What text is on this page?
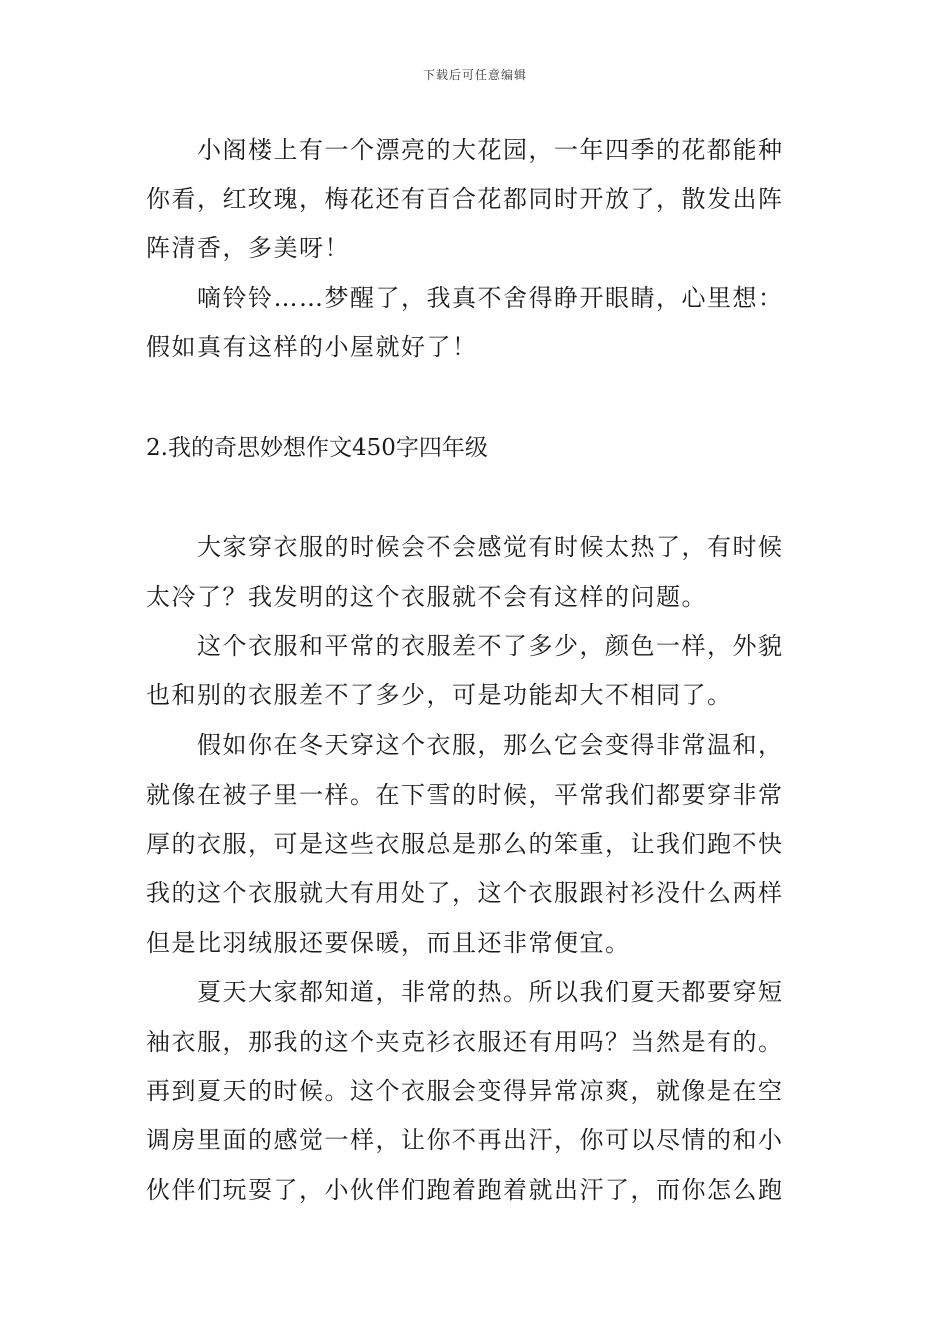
下载后可任意编辑
小阁楼上有一个漂亮的大花园，一年四季的花都能种
你看，红玫瑰，梅花还有百合花都同时开放了，散发出阵
阵清香，多美呀！
嘀铃铃……梦醒了，我真不舍得睁开眼睛，心里想：
假如真有这样的小屋就好了！
2.我的奇思妙想作文450字四年级
大家穿衣服的时候会不会感觉有时候太热了，有时候
太冷了？我发明的这个衣服就不会有这样的问题。
这个衣服和平常的衣服差不了多少，颜色一样，外貌
也和别的衣服差不了多少，可是功能却大不相同了。
假如你在冬天穿这个衣服，那么它会变得非常温和，
就像在被子里一样。在下雪的时候，平常我们都要穿非常
厚的衣服，可是这些衣服总是那么的笨重，让我们跑不快
我的这个衣服就大有用处了，这个衣服跟衬衫没什么两样
但是比羽绒服还要保暖，而且还非常便宜。
夏天大家都知道，非常的热。所以我们夏天都要穿短
袖衣服，那我的这个夹克衫衣服还有用吗？当然是有的。
再到夏天的时候。这个衣服会变得异常凉爽，就像是在空
调房里面的感觉一样，让你不再出汗，你可以尽情的和小
伙伴们玩耍了，小伙伴们跑着跑着就出汗了，而你怎么跑
